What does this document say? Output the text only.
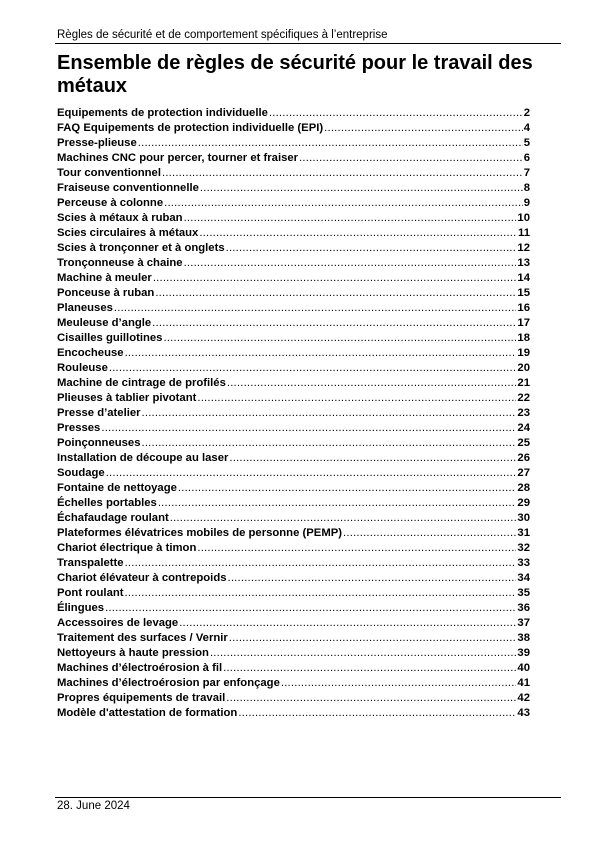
Règles de sécurité et de comportement spécifiques à l’entreprise
Ensemble de règles de sécurité pour le travail des métaux
Equipements de protection individuelle .....	2
FAQ Equipements de protection individuelle (EPI) .....	4
Presse-plieuse .....	5
Machines CNC pour percer, tourner et fraiser .....	6
Tour conventionnel .....	7
Fraiseuse conventionnelle .....	8
Perceuse à colonne .....	9
Scies à métaux à ruban .....	10
Scies circulaires à métaux .....	11
Scies à tronçonner et à onglets .....	12
Tronçonneuse à chaine .....	13
Machine à meuler .....	14
Ponceuse à ruban .....	15
Planeuses .....	16
Meuleuse d’angle .....	17
Cisailles guillotines .....	18
Encocheuse .....	19
Rouleuse .....	20
Machine de cintrage de profilés .....	21
Plieuses à tablier pivotant .....	22
Presse d’atelier .....	23
Presses .....	24
Poinçonneuses .....	25
Installation de découpe au laser .....	26
Soudage .....	27
Fontaine de nettoyage .....	28
Échelles portables .....	29
Échafaudage roulant .....	30
Plateformes élévatrices mobiles de personne (PEMP) .....	31
Chariot électrique à timon .....	32
Transpalette .....	33
Chariot élévateur à contrepoids .....	34
Pont roulant .....	35
Élingues .....	36
Accessoires de levage .....	37
Traitement des surfaces / Vernir .....	38
Nettoyeurs à haute pression .....	39
Machines d’électroérosion à fil .....	40
Machines d’électroérosion par enfonçage .....	41
Propres équipements de travail .....	42
Modèle d'attestation de formation .....	43
28. June 2024
